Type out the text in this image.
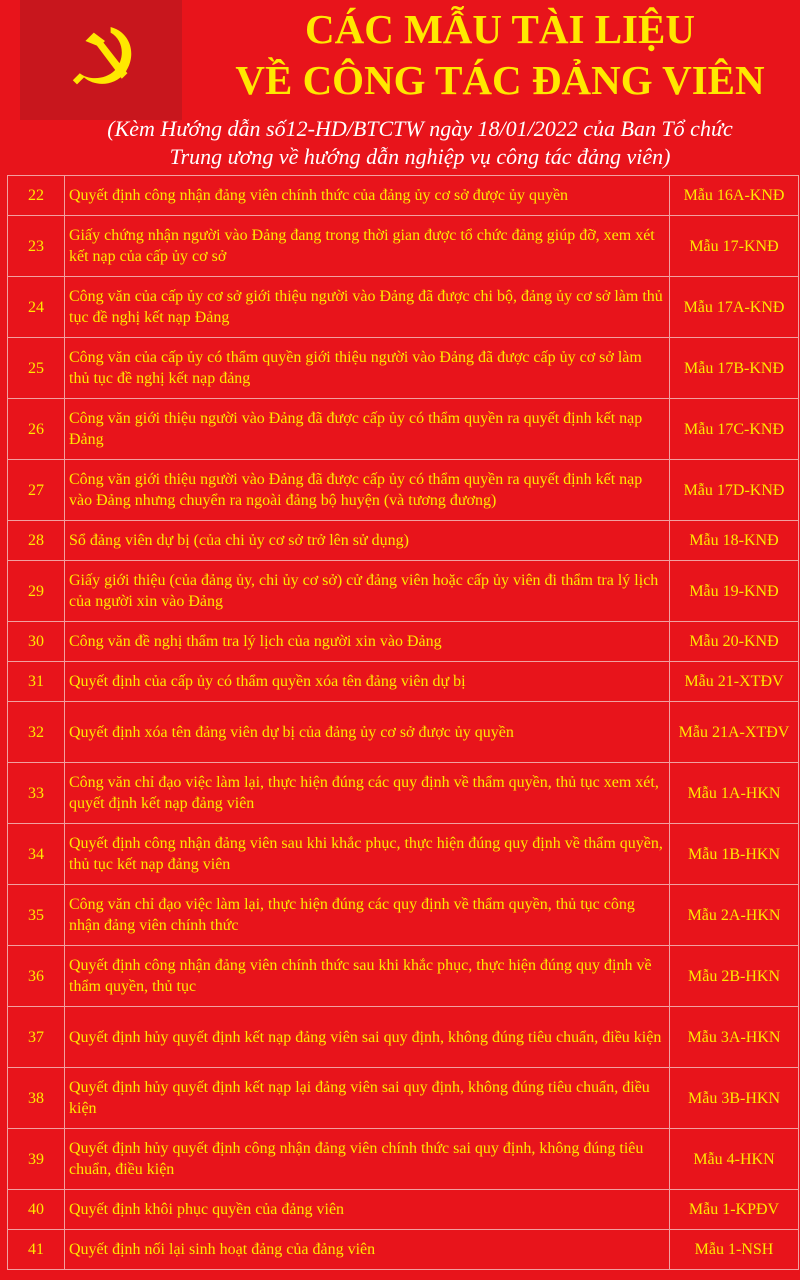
CÁC MẪU TÀI LIỆU
VỀ CÔNG TÁC ĐẢNG VIÊN
(Kèm Hướng dẫn số12-HD/BTCTW ngày 18/01/2022 của Ban Tổ chức
Trung ương về hướng dẫn nghiệp vụ công tác đảng viên)
22	Quyết định công nhận đảng viên chính thức của đảng ủy cơ sở được ủy quyền	Mẫu 16A-KNĐ
23	Giấy chứng nhận người vào Đảng đang trong thời gian được tổ chức đảng giúp đỡ, xem xét kết nạp của cấp ủy cơ sở	Mẫu 17-KNĐ
24	Công văn của cấp ủy cơ sở giới thiệu người vào Đảng đã được chi bộ, đảng ủy cơ sở làm thủ tục đề nghị kết nạp Đảng	Mẫu 17A-KNĐ
25	Công văn của cấp ủy có thẩm quyền giới thiệu người vào Đảng đã được cấp ủy cơ sở làm thủ tục đề nghị kết nạp đảng	Mẫu 17B-KNĐ
26	Công văn giới thiệu người vào Đảng đã được cấp ủy có thẩm quyền ra quyết định kết nạp Đảng	Mẫu 17C-KNĐ
27	Công văn giới thiệu người vào Đảng đã được cấp ủy có thẩm quyền ra quyết định kết nạp vào Đảng nhưng chuyển ra ngoài đảng bộ huyện (và tương đương)	Mẫu 17D-KNĐ
28	Sổ đảng viên dự bị (của chi ủy cơ sở trở lên sử dụng)	Mẫu 18-KNĐ
29	Giấy giới thiệu (của đảng ủy, chi ủy cơ sở) cử đảng viên hoặc cấp ủy viên đi thẩm tra lý lịch của người xin vào Đảng	Mẫu 19-KNĐ
30	Công văn đề nghị thẩm tra lý lịch của người xin vào Đảng	Mẫu 20-KNĐ
31	Quyết định của cấp ủy có thẩm quyền xóa tên đảng viên dự bị	Mẫu 21-XTĐV
32	Quyết định xóa tên đảng viên dự bị của đảng ủy cơ sở được ủy quyền	Mẫu 21A-XTĐV
33	Công văn chỉ đạo việc làm lại, thực hiện đúng các quy định về thẩm quyền, thủ tục xem xét, quyết định kết nạp đảng viên	Mẫu 1A-HKN
34	Quyết định công nhận đảng viên sau khi khắc phục, thực hiện đúng quy định về thẩm quyền, thủ tục kết nạp đảng viên	Mẫu 1B-HKN
35	Công văn chỉ đạo việc làm lại, thực hiện đúng các quy định về thẩm quyền, thủ tục công nhận đảng viên chính thức	Mẫu 2A-HKN
36	Quyết định công nhận đảng viên chính thức sau khi khắc phục, thực hiện đúng quy định về thẩm quyền, thủ tục	Mẫu 2B-HKN
37	Quyết định hủy quyết định kết nạp đảng viên sai quy định, không đúng tiêu chuẩn, điều kiện	Mẫu 3A-HKN
38	Quyết định hủy quyết định kết nạp lại đảng viên sai quy định, không đúng tiêu chuẩn, điều kiện	Mẫu 3B-HKN
39	Quyết định hủy quyết định công nhận đảng viên chính thức sai quy định, không đúng tiêu chuẩn, điều kiện	Mẫu 4-HKN
40	Quyết định khôi phục quyền của đảng viên	Mẫu 1-KPĐV
41	Quyết định nối lại sinh hoạt đảng của đảng viên	Mẫu 1-NSH
